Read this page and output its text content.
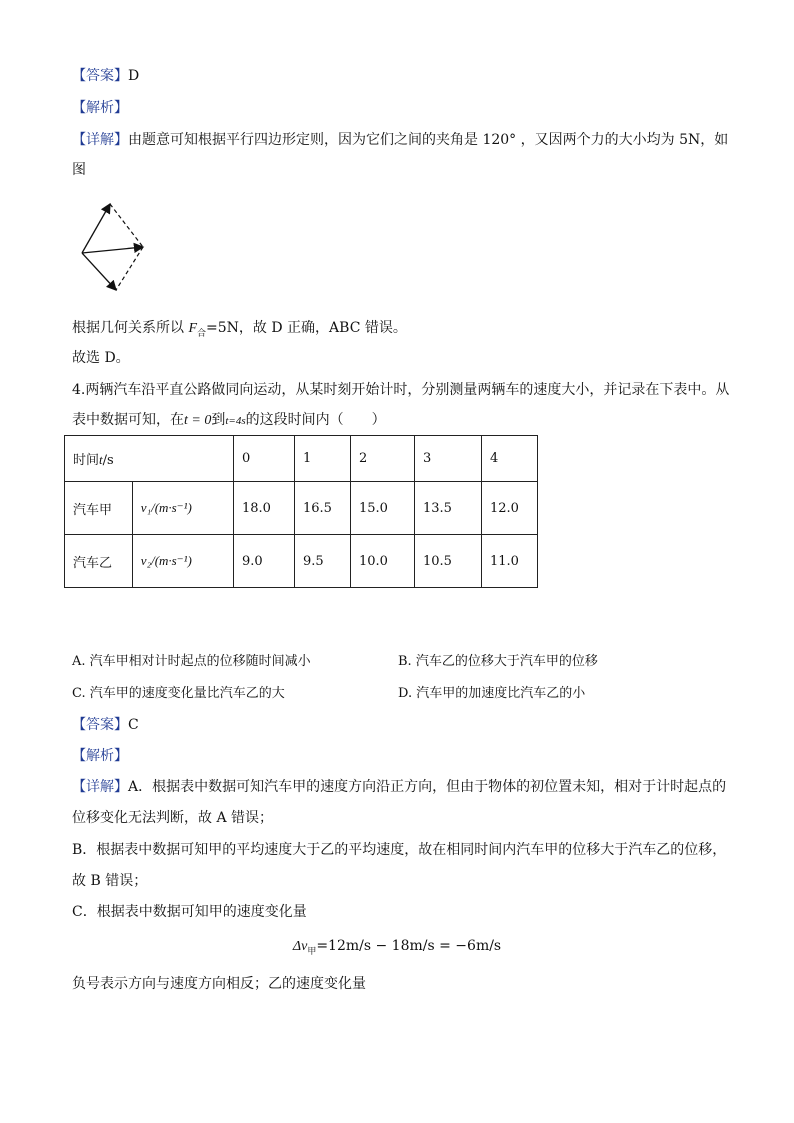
【答案】D
【解析】
【详解】由题意可知根据平行四边形定则，因为它们之间的夹角是 120° ，又因两个力的大小均为 5N，如
图
根据几何关系所以 $F_合=5N$，故 D 正确，ABC 错误。
故选 D。
4.两辆汽车沿平直公路做同向运动，从某时刻开始计时，分别测量两辆车的速度大小，并记录在下表中。从
表中数据可知，在t = 0到t=4s的这段时间内（　　）
时间t/s		0	1	2	3	4
汽车甲	v₁/(m·s⁻¹)	18.0	16.5	15.0	13.5	12.0
汽车乙	v₂/(m·s⁻¹)	9.0	9.5	10.0	10.5	11.0
A. 汽车甲相对计时起点的位移随时间减小	B. 汽车乙的位移大于汽车甲的位移
C. 汽车甲的速度变化量比汽车乙的大	D. 汽车甲的加速度比汽车乙的小
【答案】C
【解析】
【详解】A．根据表中数据可知汽车甲的速度方向沿正方向，但由于物体的初位置未知，相对于计时起点的
位移变化无法判断，故 A 错误；
B．根据表中数据可知甲的平均速度大于乙的平均速度，故在相同时间内汽车甲的位移大于汽车乙的位移，
故 B 错误；
C．根据表中数据可知甲的速度变化量
$\Delta v_甲=12m/s - 18m/s = -6m/s$
负号表示方向与速度方向相反；乙的速度变化量
